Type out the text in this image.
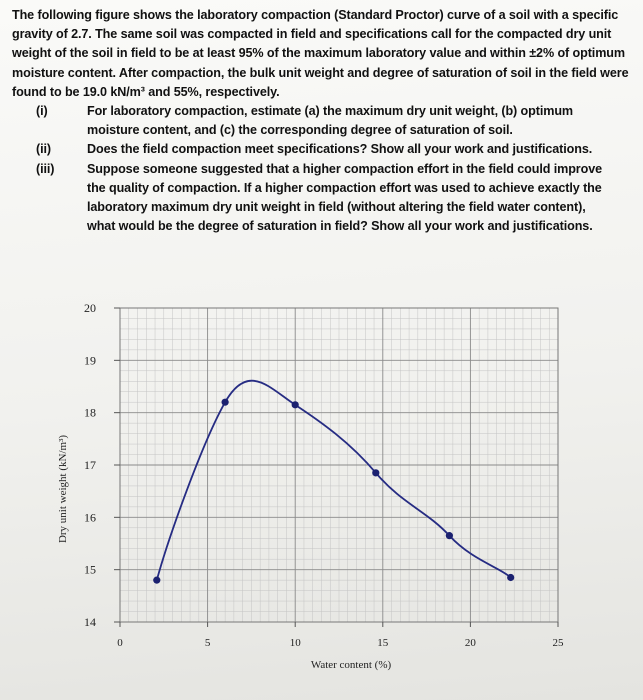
The following figure shows the laboratory compaction (Standard Proctor) curve of a soil with a specific gravity of 2.7. The same soil was compacted in field and specifications call for the compacted dry unit weight of the soil in field to be at least 95% of the maximum laboratory value and within ±2% of optimum moisture content. After compaction, the bulk unit weight and degree of saturation of soil in the field were found to be 19.0 kN/m³ and 55%, respectively.

(i)	For laboratory compaction, estimate (a) the maximum dry unit weight, (b) optimum moisture content, and (c) the corresponding degree of saturation of soil.
(ii)	Does the field compaction meet specifications? Show all your work and justifications.
(iii)	Suppose someone suggested that a higher compaction effort in the field could improve the quality of compaction. If a higher compaction effort was used to achieve exactly the laboratory maximum dry unit weight in field (without altering the field water content), what would be the degree of saturation in field? Show all your work and justifications.
14
15
16
17
18
19
20
0	5	10	15	20	25
Water content (%)
Dry unit weight (kN/m³)
